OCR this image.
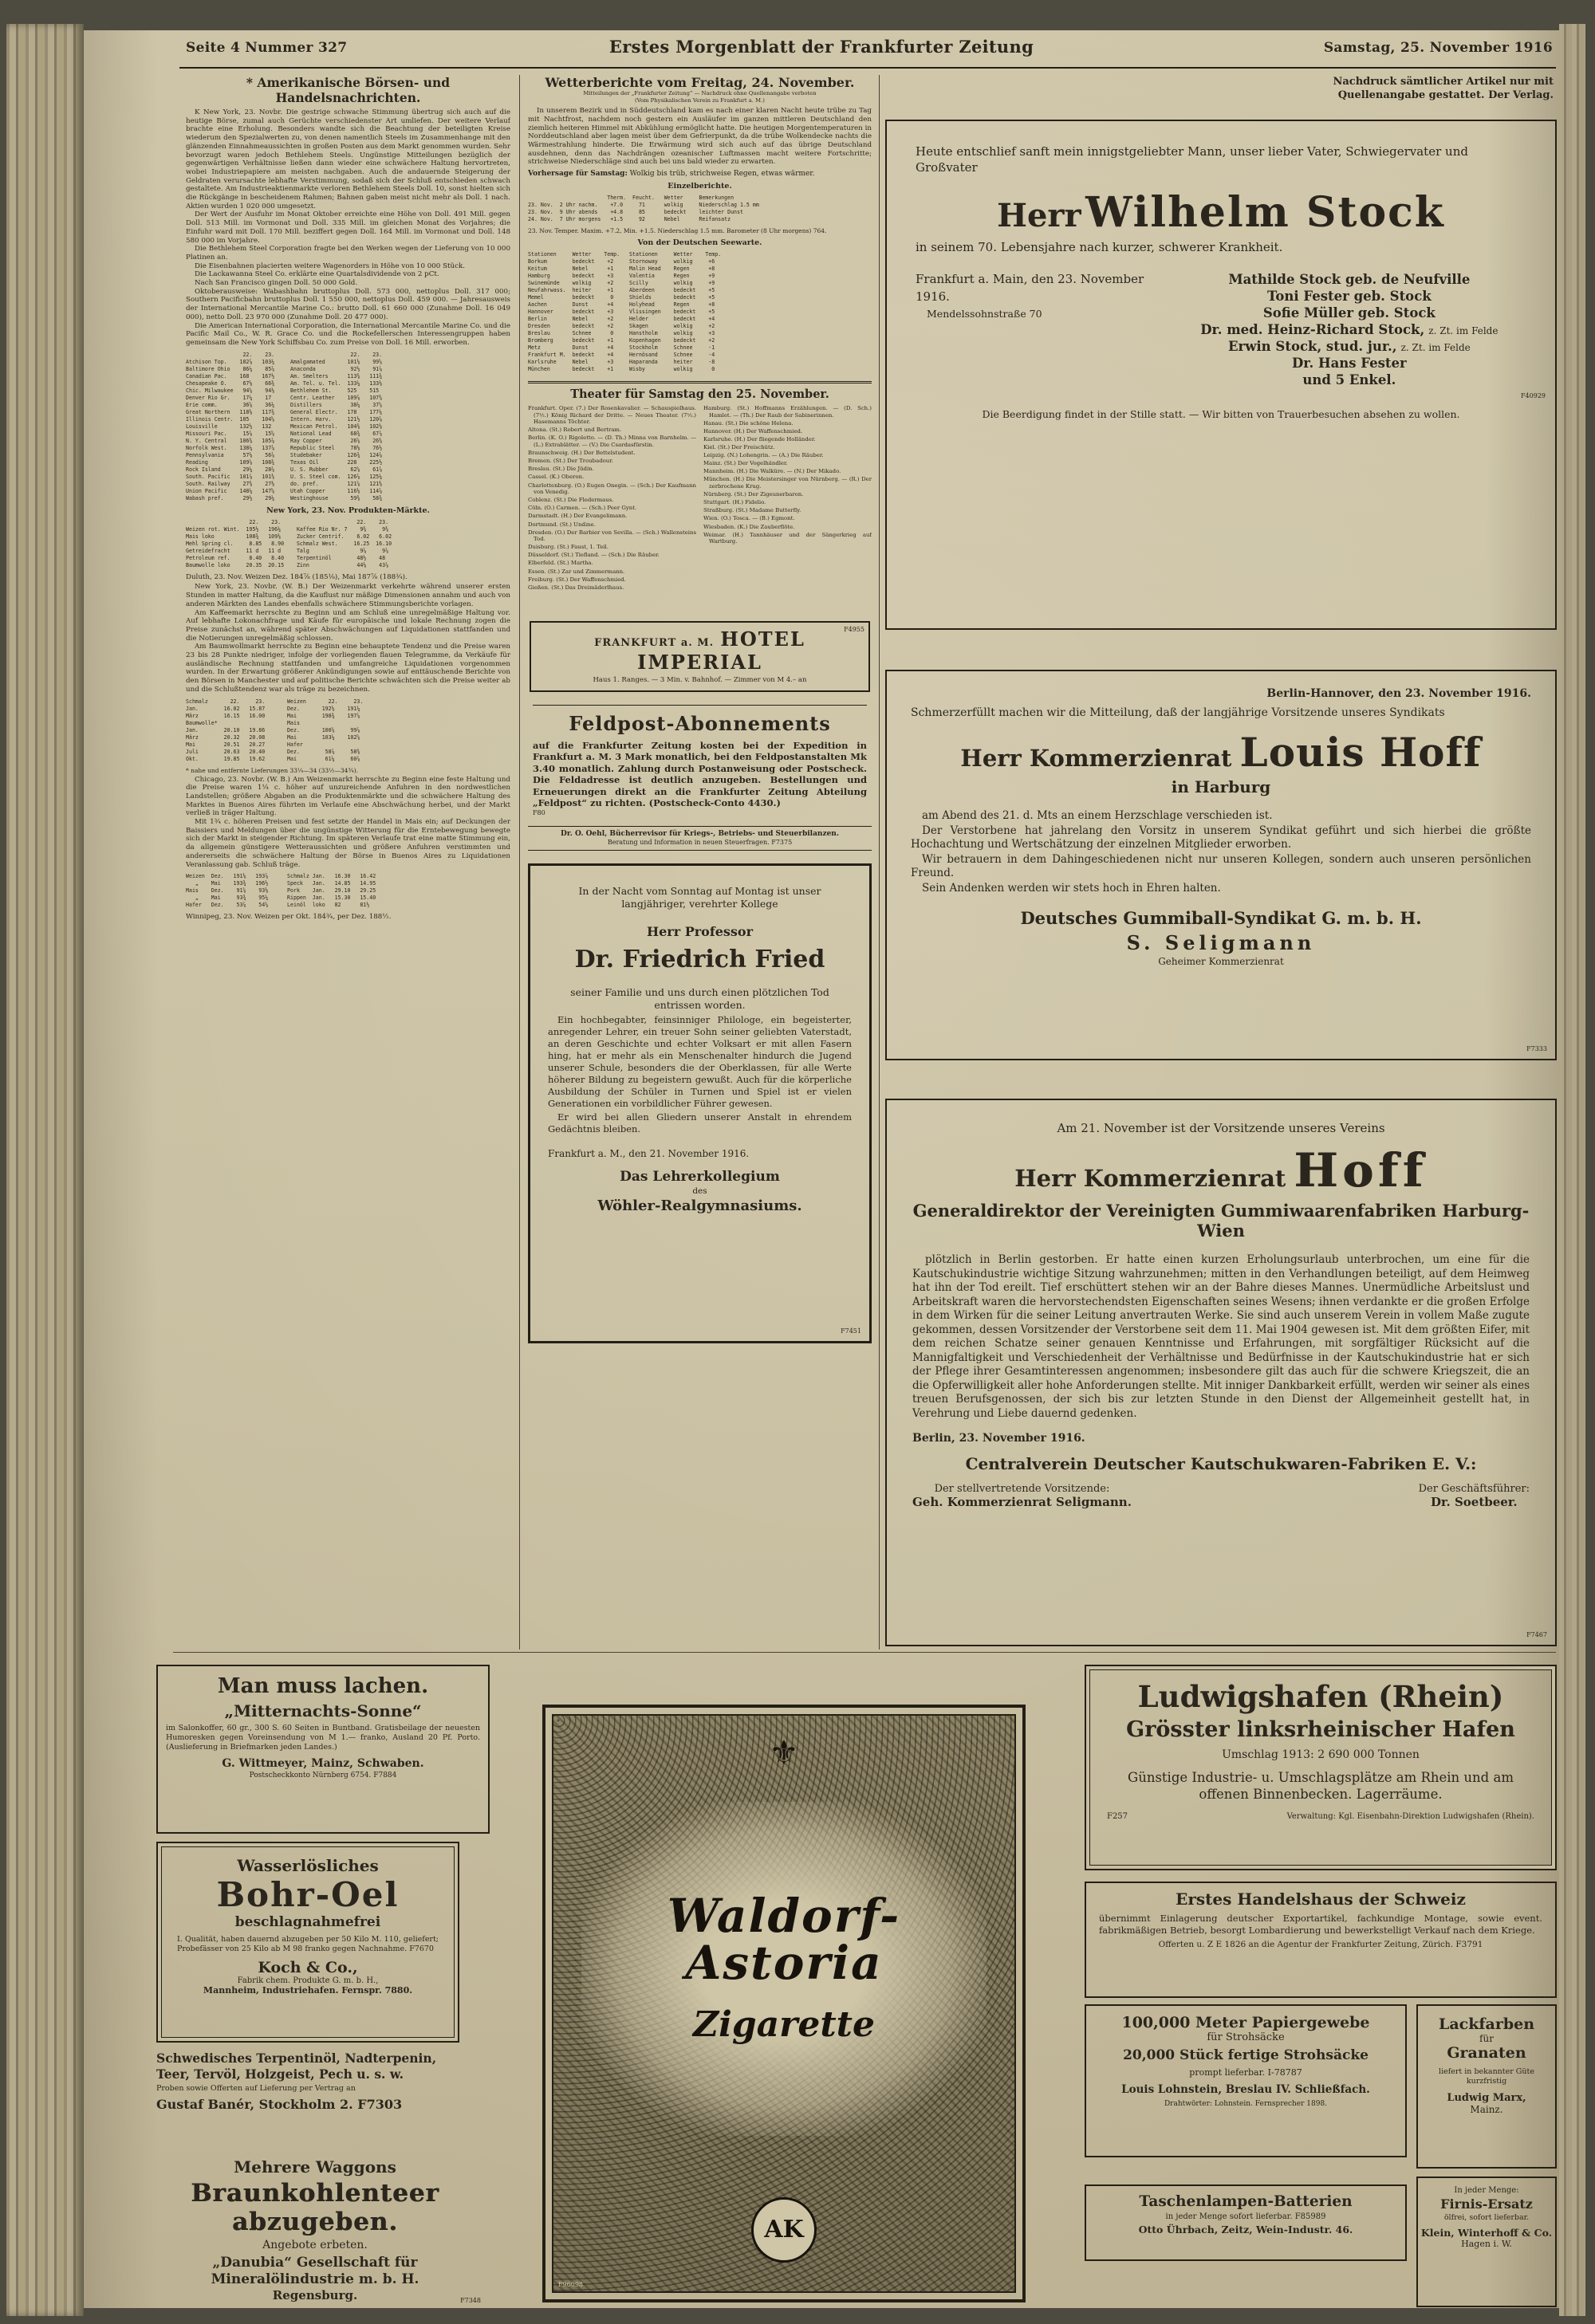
Seite 4 Nummer 327	Erstes Morgenblatt der Frankfurter Zeitung	Samstag, 25. November 1916
* Amerikanische Börsen- und Handelsnachrichten.

K New York, 23. Novbr. Die gestrige schwache Stimmung übertrug sich auch auf die heutige Börse, zumal auch Gerüchte verschiedenster Art umliefen. Der weitere Verlauf brachte eine Erholung. Besonders wandte sich die Beachtung der beteiligten Kreise wiederum den Spezialwerten zu, von denen namentlich Steels im Zusammenhange mit den glänzenden Einnahmeaussichten in großen Posten aus dem Markt genommen wurden. Sehr bevorzugt waren jedoch Bethlehem Steels. Ungünstige Mitteilungen bezüglich der gegenwärtigen Verhältnisse ließen dann wieder eine schwächere Haltung hervortreten, wobei Industriepapiere am meisten nachgaben. Auch die andauernde Steigerung der Geldraten verursachte lebhafte Verstimmung, sodaß sich der Schluß entschieden schwach gestaltete. Am Industrieaktienmarkte verloren Bethlehem Steels Doll. 10, sonst hielten sich die Rückgänge in bescheidenem Rahmen; Bahnen gaben meist nicht mehr als Doll. 1 nach. Aktien wurden 1 020 000 umgesetzt.

Der Wert der Ausfuhr im Monat Oktober erreichte eine Höhe von Doll. 491 Mill. gegen Doll. 513 Mill. im Vormonat und Doll. 335 Mill. im gleichen Monat des Vorjahres; die Einfuhr ward mit Doll. 170 Mill. beziffert gegen Doll. 164 Mill. im Vormonat und Doll. 148 580 000 im Vorjahre.

Die Bethlehem Steel Corporation fragte bei den Werken wegen der Lieferung von 10 000 Platinen an.

Die Eisenbahnen placierten weitere Wagenorders in Höhe von 10 000 Stück.

Die Lackawanna Steel Co. erklärte eine Quartalsdividende von 2 pCt.

Nach San Francisco gingen Doll. 50 000 Gold.

Oktoberausweise: Wabashbahn bruttoplus Doll. 573 000, nettoplus Doll. 317 000; Southern Pacificbahn bruttoplus Doll. 1 550 000, nettoplus Doll. 459 000. — Jahresausweis der International Mercantile Marine Co.: brutto Doll. 61 660 000 (Zunahme Doll. 16 049 000), netto Doll. 23 970 000 (Zunahme Doll. 20 477 000).

Die American International Corporation, die International Mercantile Marine Co. und die Pacific Mail Co., W. R. Grace Co. und die Rockefellerschen Interessengruppen haben gemeinsam die New York Schiffsbau Co. zum Preise von Doll. 16 Mill. erworben.

22.    23.                        22.    23.
Atchison Top.    102⅞   103¼     Amalgamated       101⅛    99⅝
Baltimore Ohio    86¼    85⅞     Anaconda           92½    91⅞
Canadian Pac.    168    167½     Am. Smelters      113⅜   111¾
Chesapeake O.     67⅛    66¾     Am. Tel. u. Tel.  133¼   133⅛
Chic. Milwaukee   94⅝    94⅛     Bethlehem St.     525    515
Denver Rio Gr.    17¼    17      Centr. Leather    109⅞   107⅜
Erie comm.        36⅝    36¼     Distillers         38¼    37⅝
Great Northern   118⅛   117¾     General Electr.   178    177¼
Illinois Centr.  105    104⅝     Intern. Harv.     121½   120⅞
Louisville       132½   132      Mexican Petrol.   104⅜   102⅛
Missouri Pac.     15⅞    15⅝     National Lead      68¾    67⅞
N. Y. Central    106⅜   105⅞     Ray Copper         26⅝    26⅜
Norfolk West.    138¼   137⅞     Republic Steel     78⅛    76½
Pennsylvania      57⅛    56⅞     Studebaker        126¾   124⅞
Reading          109⅝   108¾     Texas Oil         228    225½
Rock Island       29¼    28⅞     U. S. Rubber       62⅝    61⅞
South. Pacific   101⅞   101⅜     U. S. Steel com.  126⅞   125¼
South. Railway    27⅜    27⅛     do. pref.         121⅝   121⅜
Union Pacific    148¼   147⅝     Utah Copper       116⅛   114⅞
Wabash pref.      29½    29¼     Westinghouse       59⅜    58¾
New York, 23. Nov. Produkten-Märkte.
22.    23.                        22.    23.
Weizen rot. Wint.  195½   196¼     Kaffee Rio Nr. 7    9⅜     9⅜
Mais loko          108¾   109⅛     Zucker Centrif.    6.02   6.02
Mehl Spring cl.     8.85   8.90    Schmalz West.     16.25  16.10
Getreidefracht     11 d   11 d     Talg                9⅞     9⅞
Petroleum ref.      8.40   8.40    Terpentinöl        48½    48
Baumwolle loko     20.35  20.15    Zinn               44⅛    43⅞
Duluth, 23. Nov. Weizen Dez. 184⅞ (185⅛), Mai 187⅞ (188¾).

New York, 23. Novbr. (W. B.) Der Weizenmarkt verkehrte während unserer ersten Stunden in matter Haltung, da die Kauflust nur mäßige Dimensionen annahm und auch von anderen Märkten des Landes ebenfalls schwächere Stimmungsberichte vorlagen.

Am Kaffeemarkt herrschte zu Beginn und am Schluß eine unregelmäßige Haltung vor. Auf lebhafte Lokonachfrage und Käufe für europäische und lokale Rechnung zogen die Preise zunächst an, während später Abschwächungen auf Liquidationen stattfanden und die Notierungen unregelmäßig schlossen.

Am Baumwollmarkt herrschte zu Beginn eine behauptete Tendenz und die Preise waren 23 bis 28 Punkte niedriger, infolge der vorliegenden flauen Telegramme, da Verkäufe für ausländische Rechnung stattfanden und umfangreiche Liquidationen vorgenommen wurden. In der Erwartung größerer Ankündigungen sowie auf enttäuschende Berichte von den Börsen in Manchester und auf politische Berichte schwächten sich die Preise weiter ab und die Schlußtendenz war als träge zu bezeichnen.

Schmalz       22.     23.       Weizen       22.     23.
Jan.        16.02   15.87       Dez.       192⅛    191¼
März        16.15   16.00       Mai        198¾    197⅞
Baumwolle*                      Mais
Jan.        20.10   19.86       Dez.       100⅝     99⅞
März        20.32   20.08       Mai        103¼    102⅝
Mai         20.51   20.27       Hafer
Juli        20.63   20.40       Dez.        58⅞     58⅜
Okt.        19.85   19.62       Mai         61¼     60⅞
* nahe und entfernte Lieferungen 33¼—34 (33½—34¾).

Chicago, 23. Novbr. (W. B.) Am Weizenmarkt herrschte zu Beginn eine feste Haltung und die Preise waren 1¼ c. höher auf unzureichende Anfuhren in den nordwestlichen Landstellen; größere Abgaben an die Produktenmärkte und die schwächere Haltung des Marktes in Buenos Aires führten im Verlaufe eine Abschwächung herbei, und der Markt verließ in träger Haltung.

Mit 1¾ c. höheren Preisen und fest setzte der Handel in Mais ein; auf Deckungen der Baissiers und Meldungen über die ungünstige Witterung für die Erntebewegung bewegte sich der Markt in steigender Richtung. Im späteren Verlaufe trat eine matte Stimmung ein, da allgemein günstigere Wetteraussichten und größere Anfuhren verstimmten und andererseits die schwächere Haltung der Börse in Buenos Aires zu Liquidationen Veranlassung gab. Schluß träge.

Weizen  Dez.   191⅛   193⅞      Schmalz Jan.   16.30   16.42
„    Mai    193¾   196½      Speck   Jan.   14.85   14.95
Mais    Dez.    91⅝    93⅛      Pork    Jan.   29.10   29.25
„    Mai     93¾    95¼      Rippen  Jan.   15.30   15.40
Hafer   Dez.    53⅞    54⅝      Leinöl  loko   82      81½
Winnipeg, 23. Nov. Weizen per Okt. 184¾, per Dez. 188½.
Wetterberichte vom Freitag, 24. November.
Mitteilungen der „Frankfurter Zeitung“ — Nachdruck ohne Quellenangabe verboten
(Vom Physikalischen Verein zu Frankfurt a. M.)

In unserem Bezirk und in Süddeutschland kam es nach einer klaren Nacht heute trübe zu Tag mit Nachtfrost, nachdem noch gestern ein Ausläufer im ganzen mittleren Deutschland den ziemlich heiteren Himmel mit Abkühlung ermöglicht hatte. Die heutigen Morgentemperaturen in Norddeutschland aber lagen meist über dem Gefrierpunkt, da die trübe Wolkendecke nachts die Wärmestrahlung hinderte. Die Erwärmung wird sich auch auf das übrige Deutschland ausdehnen, denn das Nachdrängen ozeanischer Luftmassen macht weitere Fortschritte; strichweise Niederschläge sind auch bei uns bald wieder zu erwarten.

Vorhersage für Samstag: Wolkig bis trüb, strichweise Regen, etwas wärmer.
Einzelberichte.
Therm.  Feucht.   Wetter     Bemerkungen
23. Nov.  2 Uhr nachm.    +7.0     71      wolkig     Niederschlag 1.5 mm
23. Nov.  9 Uhr abends    +4.8     85      bedeckt    leichter Dunst
24. Nov.  7 Uhr morgens   +1.5     92      Nebel      Reifansatz
23. Nov. Temper. Maxim. +7.2, Min. +1.5. Niederschlag 1.5 mm. Barometer (8 Uhr morgens) 764.
Von der Deutschen Seewarte.
Stationen     Wetter    Temp.   Stationen     Wetter    Temp.
Borkum        bedeckt    +2     Stornoway     wolkig     +6
Keitum        Nebel      +1     Malin Head    Regen      +8
Hamburg       bedeckt    +3     Valentia      Regen      +9
Swinemünde    wolkig     +2     Scilly        wolkig     +9
Neufahrwass.  heiter     +1     Aberdeen      bedeckt    +5
Memel         bedeckt     0     Shields       bedeckt    +5
Aachen        Dunst      +4     Holyhead      Regen      +8
Hannover      bedeckt    +3     Vlissingen    bedeckt    +5
Berlin        Nebel      +2     Helder        bedeckt    +4
Dresden       bedeckt    +2     Skagen        wolkig     +2
Breslau       Schnee      0     Hanstholm     wolkig     +3
Bromberg      bedeckt    +1     Kopenhagen    bedeckt    +2
Metz          Dunst      +4     Stockholm     Schnee     -1
Frankfurt M.  bedeckt    +4     Hernösand     Schnee     -4
Karlsruhe     Nebel      +3     Haparanda     heiter     -8
München       bedeckt    +1     Wisby         wolkig      0
Theater für Samstag den 25. November.

Frankfurt. Oper. (7.) Der Rosenkavalier. — Schauspielhaus. (7½.) König Richard der Dritte. — Neues Theater. (7½.) Hasemanns Töchter.

Altona. (St.) Robert und Bertram.

Berlin. (K. O.) Rigoletto. — (D. Th.) Minna von Barnhelm. — (L.) Extrablätter. — (V.) Die Csardasfürstin.

Braunschweig. (H.) Der Bettelstudent.

Bremen. (St.) Der Troubadour.

Breslau. (St.) Die Jüdin.

Cassel. (K.) Oberon.

Charlottenburg. (O.) Eugen Onegin. — (Sch.) Der Kaufmann von Venedig.

Coblenz. (St.) Die Fledermaus.

Cöln. (O.) Carmen. — (Sch.) Peer Gynt.

Darmstadt. (H.) Der Evangelimann.

Dortmund. (St.) Undine.

Dresden. (O.) Der Barbier von Sevilla. — (Sch.) Wallensteins Tod.

Duisburg. (St.) Faust, 1. Teil.

Düsseldorf. (St.) Tiefland. — (Sch.) Die Räuber.

Elberfeld. (St.) Martha.

Essen. (St.) Zar und Zimmermann.

Freiburg. (St.) Der Waffenschmied.

Gießen. (St.) Das Dreimäderlhaus.

Hamburg. (St.) Hoffmanns Erzählungen. — (D. Sch.) Hamlet. — (Th.) Der Raub der Sabinerinnen.

Hanau. (St.) Die schöne Helena.

Hannover. (H.) Der Waffenschmied.

Karlsruhe. (H.) Der fliegende Holländer.

Kiel. (St.) Der Freischütz.

Leipzig. (N.) Lohengrin. — (A.) Die Räuber.

Mainz. (St.) Der Vogelhändler.

Mannheim. (H.) Die Walküre. — (N.) Der Mikado.

München. (H.) Die Meistersinger von Nürnberg. — (R.) Der zerbrochene Krug.

Nürnberg. (St.) Der Zigeunerbaron.

Stuttgart. (H.) Fidelio.

Straßburg. (St.) Madame Butterfly.

Wien. (O.) Tosca. — (B.) Egmont.

Wiesbaden. (K.) Die Zauberflöte.

Weimar. (H.) Tannhäuser und der Sängerkrieg auf Wartburg.

FRANKFURT a. M. HOTEL IMPERIAL
Haus 1. Ranges. — 3 Min. v. Bahnhof. — Zimmer von M 4.– an
F4955
Feldpost-Abonnements
auf die Frankfurter Zeitung kosten bei der Expedition in Frankfurt a. M. 3 Mark monatlich, bei den Feldpostanstalten Mk 3.40 monatlich. Zahlung durch Postanweisung oder Postscheck. Die Feldadresse ist deutlich anzugeben. Bestellungen und Erneuerungen direkt an die Frankfurter Zeitung Abteilung „Feldpost“ zu richten. (Postscheck-Conto 4430.)
F80
Dr. O. Oehl, Bücherrevisor für Kriegs-, Betriebs- und Steuerbilanzen.
Beratung und Information in neuen Steuerfragen. F7375
In der Nacht vom Sonntag auf Montag ist unser langjähriger, verehrter Kollege
Herr Professor
Dr. Friedrich Fried
seiner Familie und uns durch einen plötzlichen Tod entrissen worden.

Ein hochbegabter, feinsinniger Philologe, ein begeisterter, anregender Lehrer, ein treuer Sohn seiner geliebten Vaterstadt, an deren Geschichte und echter Volksart er mit allen Fasern hing, hat er mehr als ein Menschenalter hindurch die Jugend unserer Schule, besonders die der Oberklassen, für alle Werte höherer Bildung zu begeistern gewußt. Auch für die körperliche Ausbildung der Schüler in Turnen und Spiel ist er vielen Generationen ein vorbildlicher Führer gewesen.

Er wird bei allen Gliedern unserer Anstalt in ehrendem Gedächtnis bleiben.

Frankfurt a. M., den 21. November 1916.
Das Lehrerkollegium
des
Wöhler-Realgymnasiums.
F7451
Nachdruck sämtlicher Artikel nur mit
Quellenangabe gestattet. Der Verlag.
Heute entschlief sanft mein innigstgeliebter Mann, unser lieber Vater, Schwiegervater und Großvater
Herr Wilhelm Stock
in seinem 70. Lebensjahre nach kurzer, schwerer Krankheit.
Frankfurt a. Main, den 23. November 1916.
Mendelssohnstraße 70
Mathilde Stock geb. de Neufville
Toni Fester geb. Stock
Sofie Müller geb. Stock
Dr. med. Heinz-Richard Stock, z. Zt. im Felde
Erwin Stock, stud. jur., z. Zt. im Felde
Dr. Hans Fester
und 5 Enkel.
Die Beerdigung findet in der Stille statt. — Wir bitten von Trauerbesuchen absehen zu wollen.
F40929
Berlin-Hannover, den 23. November 1916.
Schmerzerfüllt machen wir die Mitteilung, daß der langjährige Vorsitzende unseres Syndikats
Herr Kommerzienrat Louis Hoff
in Harburg

am Abend des 21. d. Mts an einem Herzschlage verschieden ist.

Der Verstorbene hat jahrelang den Vorsitz in unserem Syndikat geführt und sich hierbei die größte Hochachtung und Wertschätzung der einzelnen Mitglieder erworben.

Wir betrauern in dem Dahingeschiedenen nicht nur unseren Kollegen, sondern auch unseren persönlichen Freund.

Sein Andenken werden wir stets hoch in Ehren halten.

Deutsches Gummiball-Syndikat G. m. b. H.
S. Seligmann
Geheimer Kommerzienrat
F7333
Am 21. November ist der Vorsitzende unseres Vereins
Herr Kommerzienrat Hoff
Generaldirektor der Vereinigten Gummiwaarenfabriken Harburg-Wien

plötzlich in Berlin gestorben. Er hatte einen kurzen Erholungsurlaub unterbrochen, um eine für die Kautschukindustrie wichtige Sitzung wahrzunehmen; mitten in den Verhandlungen beteiligt, auf dem Heimweg hat ihn der Tod ereilt. Tief erschüttert stehen wir an der Bahre dieses Mannes. Unermüdliche Arbeitslust und Arbeitskraft waren die hervorstechendsten Eigenschaften seines Wesens; ihnen verdankte er die großen Erfolge in dem Wirken für die seiner Leitung anvertrauten Werke. Sie sind auch unserem Verein in vollem Maße zugute gekommen, dessen Vorsitzender der Verstorbene seit dem 11. Mai 1904 gewesen ist. Mit dem größten Eifer, mit dem reichen Schatze seiner genauen Kenntnisse und Erfahrungen, mit sorgfältiger Rücksicht auf die Mannigfaltigkeit und Verschiedenheit der Verhältnisse und Bedürfnisse in der Kautschukindustrie hat er sich der Pflege ihrer Gesamtinteressen angenommen; insbesondere gilt das auch für die schwere Kriegszeit, die an die Opferwilligkeit aller hohe Anforderungen stellte. Mit inniger Dankbarkeit erfüllt, werden wir seiner als eines treuen Berufsgenossen, der sich bis zur letzten Stunde in den Dienst der Allgemeinheit gestellt hat, in Verehrung und Liebe dauernd gedenken.

Berlin, 23. November 1916.
Centralverein Deutscher Kautschukwaren-Fabriken E. V.:
Der stellvertretende Vorsitzende:
Geh. Kommerzienrat Seligmann.
Der Geschäftsführer:
Dr. Soetbeer.
F7467
Man muss lachen.
„Mitternachts-Sonne“
im Salonkoffer, 60 gr., 300 S. 60 Seiten in Buntband. Gratisbeilage der neuesten Humoresken gegen Voreinsendung von M 1.— franko, Ausland 20 Pf. Porto. (Auslieferung in Briefmarken jeden Landes.)
G. Wittmeyer, Mainz, Schwaben.
Postscheckkonto Nürnberg 6754. F7884
Wasserlösliches
Bohr-Oel
beschlagnahmefrei
I. Qualität, haben dauernd abzugeben per 50 Kilo M. 110, geliefert; Probefässer von 25 Kilo ab M 98 franko gegen Nachnahme. F7670
Koch & Co.,
Fabrik chem. Produkte G. m. b. H.,
Mannheim, Industriehafen. Fernspr. 7880.
Schwedisches Terpentinöl, Nadterpenin, Teer, Tervöl, Holzgeist, Pech u. s. w.
Proben sowie Offerten auf Lieferung per Vertrag an
Gustaf Banér, Stockholm 2. F7303
Mehrere Waggons
Braunkohlenteer abzugeben.
Angebote erbeten.
„Danubia“ Gesellschaft für Mineralölindustrie m. b. H.
Regensburg.	F7348
⚜
Waldorf-
Astoria
Zigarette
AK
F96098
Ludwigshafen (Rhein)
Grösster linksrheinischer Hafen
Umschlag 1913: 2 690 000 Tonnen
Günstige Industrie- u. Umschlagsplätze am Rhein und am offenen Binnenbecken. Lagerräume.
F257	Verwaltung: Kgl. Eisenbahn-Direktion Ludwigshafen (Rhein).
Erstes Handelshaus der Schweiz
übernimmt Einlagerung deutscher Exportartikel, fachkundige Montage, sowie event. fabrikmäßigen Betrieb, besorgt Lombardierung und bewerkstelligt Verkauf nach dem Kriege.
Offerten u. Z E 1826 an die Agentur der Frankfurter Zeitung, Zürich. F3791
100,000 Meter Papiergewebe
für Strohsäcke
20,000 Stück fertige Strohsäcke
prompt lieferbar. I-78787
Louis Lohnstein, Breslau IV. Schließfach.
Drahtwörter: Lohnstein. Fernsprecher 1898.
Lackfarben
für
Granaten
liefert in bekannter Güte kurzfristig
Ludwig Marx,
Mainz.
Taschenlampen-Batterien
in jeder Menge sofort lieferbar. F85989
Otto Ührbach, Zeitz, Wein-Industr. 46.
In jeder Menge:
Firnis-Ersatz
ölfrei, sofort lieferbar.
Klein, Winterhoff & Co.
Hagen i. W.
